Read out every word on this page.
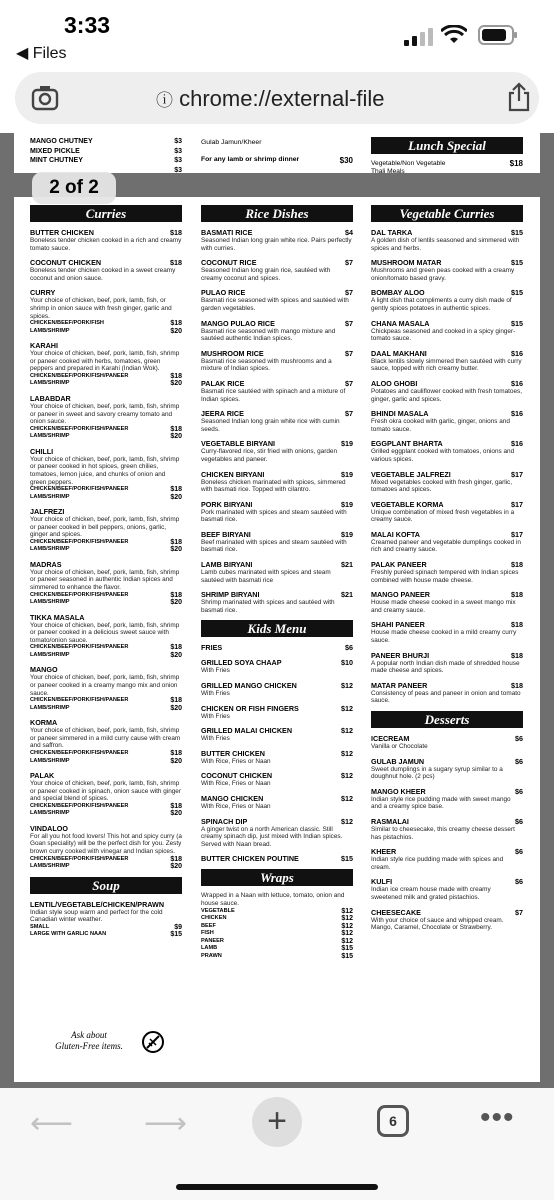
3:33
◀ Files
ⓘ chrome://external-file
MANGO CHUTNEY	$3
MIXED PICKLE	$3
MINT CHUTNEY	$3
$3
Gulab Jamun/Kheer
For any lamb or shrimp dinner	$30
Lunch Special
Vegetable/Non Vegetable
Thali Meals
$18
Curries
BUTTER CHICKEN	$18
Boneless tender chicken cooked in a rich and creamy tomato sauce.
COCONUT CHICKEN	$18
Boneless tender chicken cooked in a sweet creamy coconut and onion sauce.
CURRY
Your choice of chicken, beef, pork, lamb, fish, or shrimp in onion sauce with fresh ginger, garlic and spices.
CHICKEN/BEEF/PORK/FISH	$18
LAMB/SHRIMP	$20
KARAHI
Your choice of chicken, beef, pork, lamb, fish, shrimp or paneer cooked with herbs, tomatoes, green peppers and prepared in Karahi (Indian Wok).
CHICKEN/BEEF/PORK/FISH/PANEER	$18
LAMB/SHRIMP	$20
LABABDAR
Your choice of chicken, beef, pork, lamb, fish, shrimp or paneer in sweet and savory creamy tomato and onion sauce.
CHICKEN/BEEF/PORK/FISH/PANEER	$18
LAMB/SHRIMP	$20
CHILLI
Your choice of chicken, beef, pork, lamb, fish, shrimp or paneer cooked in hot spices, green chilies, tomatoes, lemon juice, and chunks of onion and green peppers.
CHICKEN/BEEF/PORK/FISH/PANEER	$18
LAMB/SHRIMP	$20
JALFREZI
Your choice of chicken, beef, pork, lamb, fish, shrimp or paneer cooked in bell peppers, onions, garlic, ginger and spices.
CHICKEN/BEEF/PORK/FISH/PANEER	$18
LAMB/SHRIMP	$20
MADRAS
Your choice of chicken, beef, pork, lamb, fish, shrimp or paneer seasoned in authentic Indian spices and simmered to enhance the flavor.
CHICKEN/BEEF/PORK/FISH/PANEER	$18
LAMB/SHRIMP	$20
TIKKA MASALA
Your choice of chicken, beef, pork, lamb, fish, shrimp or paneer cooked in a delicious sweet sauce with tomato/onion sauce.
CHICKEN/BEEF/PORK/FISH/PANEER	$18
LAMB/SHRIMP	$20
MANGO
Your choice of chicken, beef, pork, lamb, fish, shrimp or paneer cooked in a creamy mango mix and onion sauce.
CHICKEN/BEEF/PORK/FISH/PANEER	$18
LAMB/SHRIMP	$20
KORMA
Your choice of chicken, beef, pork, lamb, fish, shrimp or paneer simmered in a mild curry cause with cream and saffron.
CHICKEN/BEEF/PORK/FISH/PANEER	$18
LAMB/SHRIMP	$20
PALAK
Your choice of chicken, beef, pork, lamb, fish, shrimp or paneer cooked in spinach, onion sauce with ginger and special blend of spices.
CHICKEN/BEEF/PORK/FISH/PANEER	$18
LAMB/SHRIMP	$20
VINDALOO
For all you hot food lovers! This hot and spicy curry (a Goan speciality) will be the perfect dish for you. Zesty brown curry cooked with vinegar and Indian spices.
CHICKEN/BEEF/PORK/FISH/PANEER	$18
LAMB/SHRIMP	$20
Soup
LENTIL/VEGETABLE/CHICKEN/PRAWN
Indian style soup warm and perfect for the cold Canadian winter weather.
SMALL	$9
LARGE WITH GARLIC NAAN	$15
Rice Dishes
BASMATI RICE	$4
Seasoned Indian long grain white rice. Pairs perfectly with curries.
COCONUT RICE	$7
Seasoned Indian long grain rice, sautéed with creamy coconut and spices.
PULAO RICE	$7
Basmati rice seasoned with spices and sautéed with garden vegetables.
MANGO PULAO RICE	$7
Basmati rice seasoned with mango mixture and sautéed authentic Indian spices.
MUSHROOM RICE	$7
Basmati rice seasoned with mushrooms and a mixture of Indian spices.
PALAK RICE	$7
Basmati rice sautéed with spinach and a mixture of Indian spices.
JEERA RICE	$7
Seasoned Indian long grain white rice with cumin seeds.
VEGETABLE BIRYANI	$19
Curry-flavored rice, stir fried with onions, garden vegetables and paneer.
CHICKEN BIRYANI	$19
Boneless chicken marinated with spices, simmered with basmati rice. Topped with cilantro.
PORK BIRYANI	$19
Pork marinated with spices and steam sautéed with basmati rice.
BEEF BIRYANI	$19
Beef marinated with spices and steam sautéed with basmati rice.
LAMB BIRYANI	$21
Lamb cubes marinated with spices and steam sautéed with basmati rice
SHRIMP BIRYANI	$21
Shrimp marinated with spices and sautéed with basmati rice.
Kids Menu
FRIES	$6
GRILLED SOYA CHAAP	$10
With Fries
GRILLED MANGO CHICKEN	$12
With Fries
CHICKEN OR FISH FINGERS	$12
With Fries
GRILLED MALAI CHICKEN	$12
With Fries
BUTTER CHICKEN	$12
With Rice, Fries or Naan
COCONUT CHICKEN	$12
With Rice, Fries or Naan
MANGO CHICKEN	$12
With Rice, Fries or Naan
SPINACH DIP	$12
A ginger twist on a north American classic. Still creamy spinach dip, just mixed with Indian spices. Served with Naan bread.
BUTTER CHICKEN POUTINE	$15
Wraps
Wrapped in a Naan with lettuce, tomato, onion and house sauce.
VEGETABLE	$12
CHICKEN	$12
BEEF	$12
FISH	$12
PANEER	$12
LAMB	$15
PRAWN	$15
Vegetable Curries
DAL TARKA	$15
A golden dish of lentils seasoned and simmered with spices and herbs.
MUSHROOM MATAR	$15
Mushrooms and green peas cooked with a creamy onion/tomato based gravy.
BOMBAY ALOO	$15
A light dish that compliments a curry dish made of gently spices potatoes in authentic spices.
CHANA MASALA	$15
Chickpeas seasoned and cooked in a spicy ginger-tomato sauce.
DAAL MAKHANI	$16
Black lentils slowly simmered then sautéed with curry sauce, topped with rich creamy butter.
ALOO GHOBI	$16
Potatoes and cauliflower cooked with fresh tomatoes, ginger, garlic and spices.
BHINDI MASALA	$16
Fresh okra cooked with garlic, ginger, onions and tomato sauce.
EGGPLANT BHARTA	$16
Grilled eggplant cooked with tomatoes, onions and various spices.
VEGETABLE JALFREZI	$17
Mixed vegetables cooked with fresh ginger, garlic, tomatoes and spices.
VEGETABLE KORMA	$17
Unique combination of mixed fresh vegetables in a creamy sauce.
MALAI KOFTA	$17
Creamed paneer and vegetable dumplings cooked in rich and creamy sauce.
PALAK PANEER	$18
Freshly puréed spinach tempered with Indian spices combined with house made cheese.
MANGO PANEER	$18
House made cheese cooked in a sweet mango mix and creamy sauce.
SHAHI PANEER	$18
House made cheese cooked in a mild creamy curry sauce.
PANEER BHURJI	$18
A popular north Indian dish made of shredded house made cheese and spices.
MATAR PANEER	$18
Consistency of peas and paneer in onion and tomato sauce.
Desserts
ICECREAM	$6
Vanilla or Chocolate
GULAB JAMUN	$6
Sweet dumplings in a sugary syrup similar to a doughnut hole. (2 pcs)
MANGO KHEER	$6
Indian style rice pudding made with sweet mango and a creamy spice base.
RASMALAI	$6
Similar to cheesecake, this creamy cheese dessert has pistachios.
KHEER	$6
Indian style rice pudding made with spices and cream.
KULFI	$6
Indian ice cream house made with creamy sweetened milk and grated pistachios.
CHEESECAKE	$7
With your choice of sauce and whipped cream. Mango, Caramel, Chocolate or Strawberry.
Ask about
Gluten-Free items.
2 of 2
⟵ ⟶	+	6	•••
